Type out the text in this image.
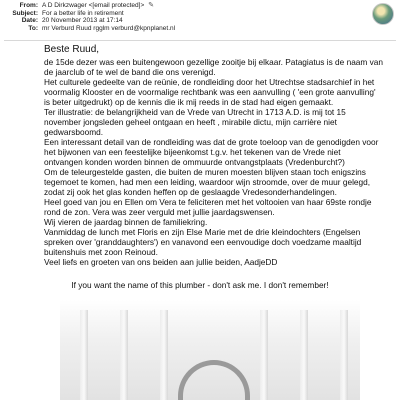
From: A D Dirkzwager <[email protected]> ✎
Subject: For a better life in retirement
Date: 20 November 2013 at 17:14
To: mr Verburd Ruud rgglm verburd@kpnplanet.nl
Beste Ruud,
de 15de dezer was een buitengewoon gezellige zooitje bij elkaar. Patagiatus is de naam van
de jaarclub of te wel de band die ons verenigd.
Het culturele gedeelte van de reünie, de rondleiding door het Utrechtse stadsarchief in het
voormalig Klooster en de voormalige rechtbank was een aanvulling ( 'een grote aanvulling'
is beter uitgedrukt) op de kennis die ik mij reeds in de stad had eigen gemaakt.
Ter illustratie: de belangrijkheid van de Vrede van Utrecht in 1713 A.D. is mij tot 15
november jongsleden geheel ontgaan en heeft , mirabile dictu, mijn carrière niet
gedwarsboomd.
Een interessant detail van de rondleiding was dat de grote toeloop van de genodigden voor
het bijwonen van een feestelijke bijeenkomst t.g.v. het tekenen van de Vrede niet
ontvangen konden worden binnen de ommuurde ontvangstplaats (Vredenburcht?)
Om de teleurgestelde gasten, die buiten de muren moesten blijven staan toch enigszins
tegemoet te komen, had men een leiding, waardoor wijn stroomde, over de muur gelegd,
zodat zij ook het glas konden heffen op de geslaagde Vredesonderhandelingen.
Heel goed van jou en Ellen om Vera te feliciteren met het voltooien van haar 69ste rondje
rond de zon. Vera was zeer verguld met jullie jaardagswensen.
Wij vieren de jaardag binnen de familiekring.
Vanmiddag de lunch met Floris en zijn Else Marie met de drie kleindochters (Engelsen
spreken over 'granddaughters') en vanavond een eenvoudige doch voedzame maaltijd
buitenshuis met zoon Reinoud.
Veel liefs en groeten van ons beiden aan jullie beiden, AadjeDD
If you want the name of this plumber - don't ask me. I don't remember!
